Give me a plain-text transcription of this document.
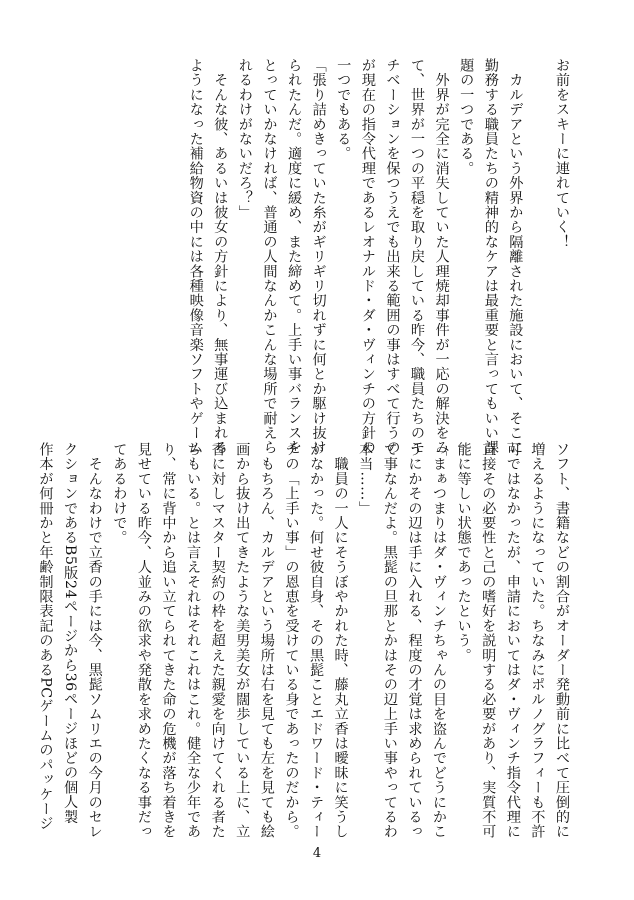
お前をスキーに連れていく！

　カルデアという外界から隔離された施設において、そこに

勤務する職員たちの精神的なケアは最重要と言ってもいい課

題の一つである。

　外界が完全に消失していた人理焼却事件が一応の解決をみ

て、世界が一つの平穏を取り戻している昨今、職員たちのモ

チベーションを保つうえでも出来る範囲の事はすべて行うの

が現在の指令代理であるレオナルド・ダ・ヴィンチの方針の

一つでもある。

「張り詰めきっていた糸がギリギリ切れずに何とか駆け抜け

られたんだ。適度に緩め、また締めて。上手い事バランスを

とっていかなければ、普通の人間なんかこんな場所で耐えら

れるわけがないだろ？」

　そんな彼、あるいは彼女の方針により、無事運び込まれる

ようになった補給物資の中には各種映像音楽ソフトやゲーム

ソフト、書籍などの割合がオーダー発動前に比べて圧倒的に

増えるようになっていた。ちなみにポルノグラフィーも不許

可ではなかったが、申請においてはダ・ヴィンチ指令代理に

直接その必要性と己の嗜好を説明する必要があり、実質不可

能に等しい状態であったという。

「まぁつまりはダ・ヴィンチちゃんの目を盗んでどうにかこ

うにかその辺は手に入れる、程度の才覚は求められているっ

て事なんだよ。黒髭の旦那とかはその辺上手い事やってるわ

本当……」

　職員の一人にそうぼやかれた時、藤丸立香は曖昧に笑うし

かなかった。何せ彼自身、その黒髭ことエドワード・ティー

チの「上手い事」の恩恵を受けている身であったのだから。

　もちろん、カルデアという場所は右を見ても左を見ても絵

画から抜け出てきたような美男美女が闊歩している上に、立

香に対しマスター契約の枠を超えた親愛を向けてくれる者た

ちもいる。とは言えそれはそれこれはこれ。健全な少年であ

り、常に背中から追い立てられてきた命の危機が落ち着きを

見せている昨今、人並みの欲求や発散を求めたくなる事だっ

てあるわけで。

　そんなわけで立香の手には今、黒髭ソムリエの今月のセレ

クションであるB5版24ページから36ページほどの個人製

作本が何冊かと年齢制限表記のあるPCゲームのパッケージ

4
